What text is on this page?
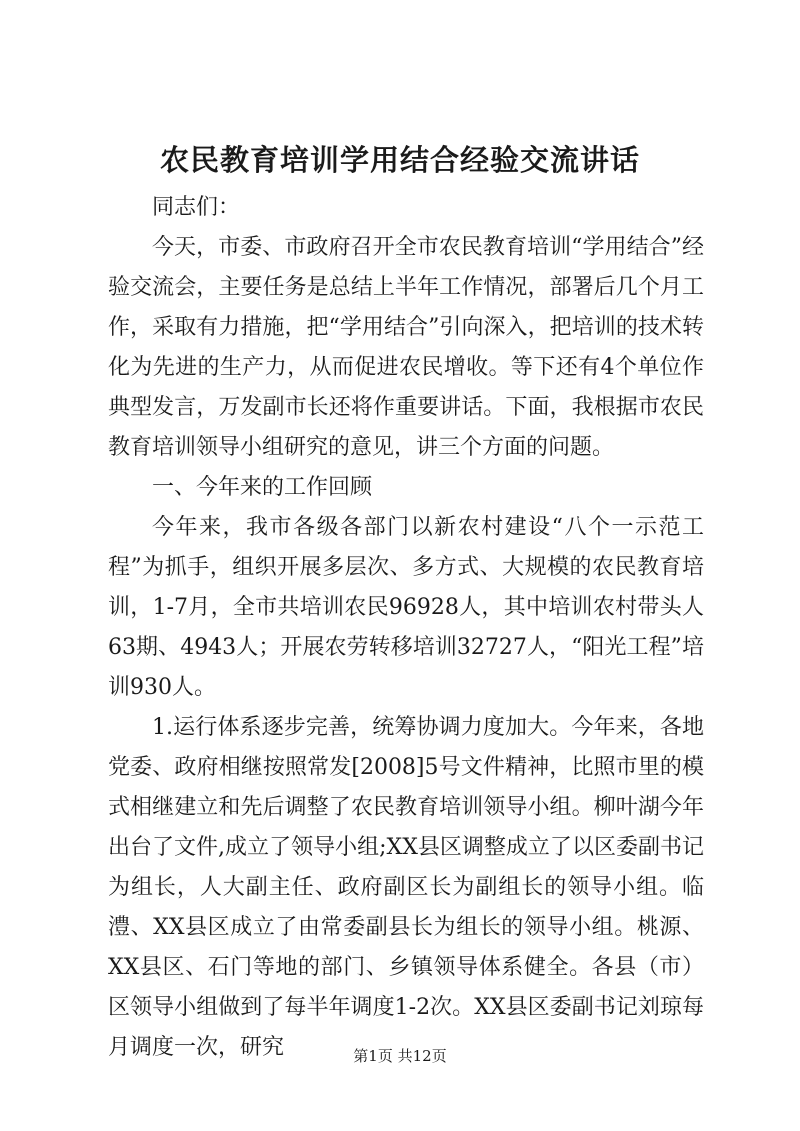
农民教育培训学用结合经验交流讲话

同志们：

今天，市委、市政府召开全市农民教育培训“学用结合”经验交流会，主要任务是总结上半年工作情况，部署后几个月工作，采取有力措施，把“学用结合”引向深入，把培训的技术转化为先进的生产力，从而促进农民增收。等下还有4个单位作典型发言，万发副市长还将作重要讲话。下面，我根据市农民教育培训领导小组研究的意见，讲三个方面的问题。

一、今年来的工作回顾

今年来，我市各级各部门以新农村建设“八个一示范工程”为抓手，组织开展多层次、多方式、大规模的农民教育培训，1-7月，全市共培训农民96928人，其中培训农村带头人63期、4943人；开展农劳转移培训32727人，“阳光工程”培训930人。

1.运行体系逐步完善，统筹协调力度加大。今年来，各地党委、政府相继按照常发[2008]5号文件精神，比照市里的模式相继建立和先后调整了农民教育培训领导小组。柳叶湖今年出台了文件,成立了领导小组;XX县区调整成立了以区委副书记为组长，人大副主任、政府副区长为副组长的领导小组。临澧、XX县区成立了由常委副县长为组长的领导小组。桃源、XX县区、石门等地的部门、乡镇领导体系健全。各县（市）区领导小组做到了每半年调度1-2次。XX县区委副书记刘琼每月调度一次，研究	第1页 共12页
